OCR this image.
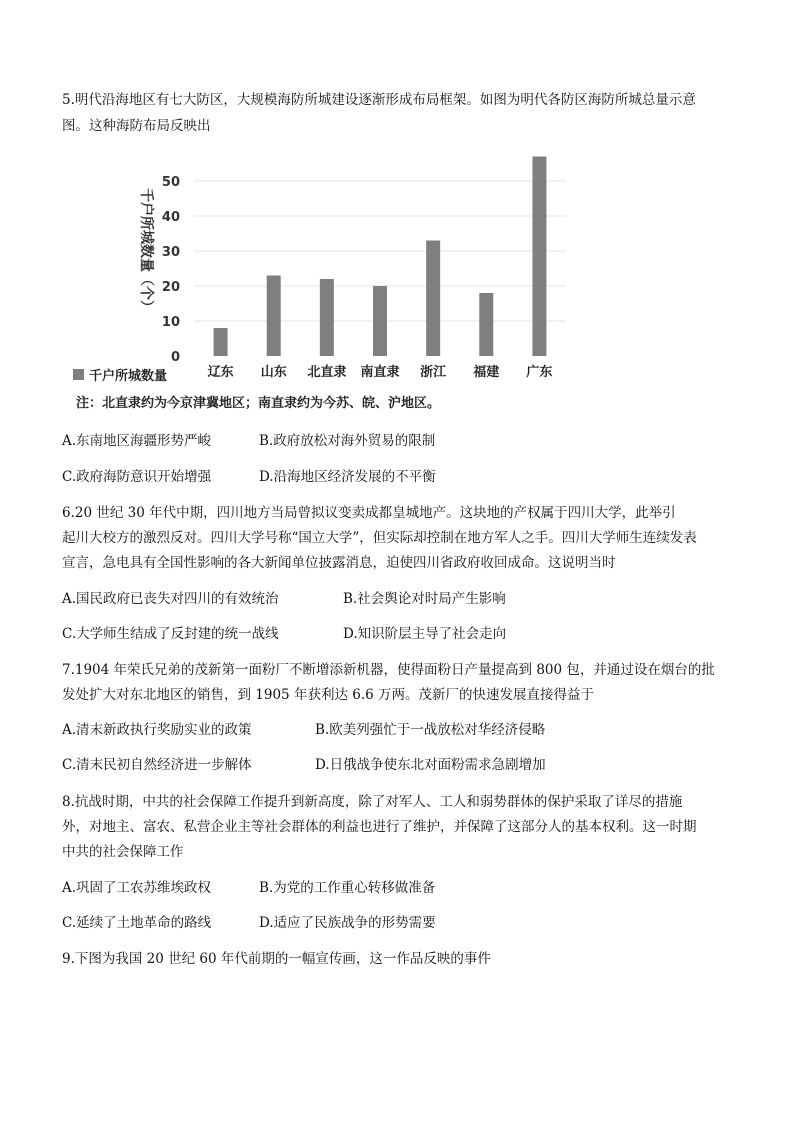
5.明代沿海地区有七大防区，大规模海防所城建设逐渐形成布局框架。如图为明代各防区海防所城总量示意
图。这种海防布局反映出
0
10
20
30
40
50
辽东 山东 北直隶 南直隶 浙江 福建 广东
千户所城数量（个）
千户所城数量
注：北直隶约为今京津冀地区；南直隶约为今苏、皖、沪地区。
A.东南地区海疆形势严峻	B.政府放松对海外贸易的限制
C.政府海防意识开始增强	D.沿海地区经济发展的不平衡
6.20 世纪 30 年代中期，四川地方当局曾拟议变卖成都皇城地产。这块地的产权属于四川大学，此举引
起川大校方的激烈反对。四川大学号称“国立大学”，但实际却控制在地方军人之手。四川大学师生连续发表
宣言，急电具有全国性影响的各大新闻单位披露消息，迫使四川省政府收回成命。这说明当时
A.国民政府已丧失对四川的有效统治	B.社会舆论对时局产生影响
C.大学师生结成了反封建的统一战线	D.知识阶层主导了社会走向
7.1904 年荣氏兄弟的茂新第一面粉厂不断增添新机器，使得面粉日产量提高到 800 包，并通过设在烟台的批
发处扩大对东北地区的销售，到 1905 年获利达 6.6 万两。茂新厂的快速发展直接得益于
A.清末新政执行奖励实业的政策	B.欧美列强忙于一战放松对华经济侵略
C.清末民初自然经济进一步解体	D.日俄战争使东北对面粉需求急剧增加
8.抗战时期，中共的社会保障工作提升到新高度，除了对军人、工人和弱势群体的保护采取了详尽的措施
外，对地主、富农、私营企业主等社会群体的利益也进行了维护，并保障了这部分人的基本权利。这一时期
中共的社会保障工作
A.巩固了工农苏维埃政权	B.为党的工作重心转移做准备
C.延续了土地革命的路线	D.适应了民族战争的形势需要
9.下图为我国 20 世纪 60 年代前期的一幅宣传画，这一作品反映的事件
